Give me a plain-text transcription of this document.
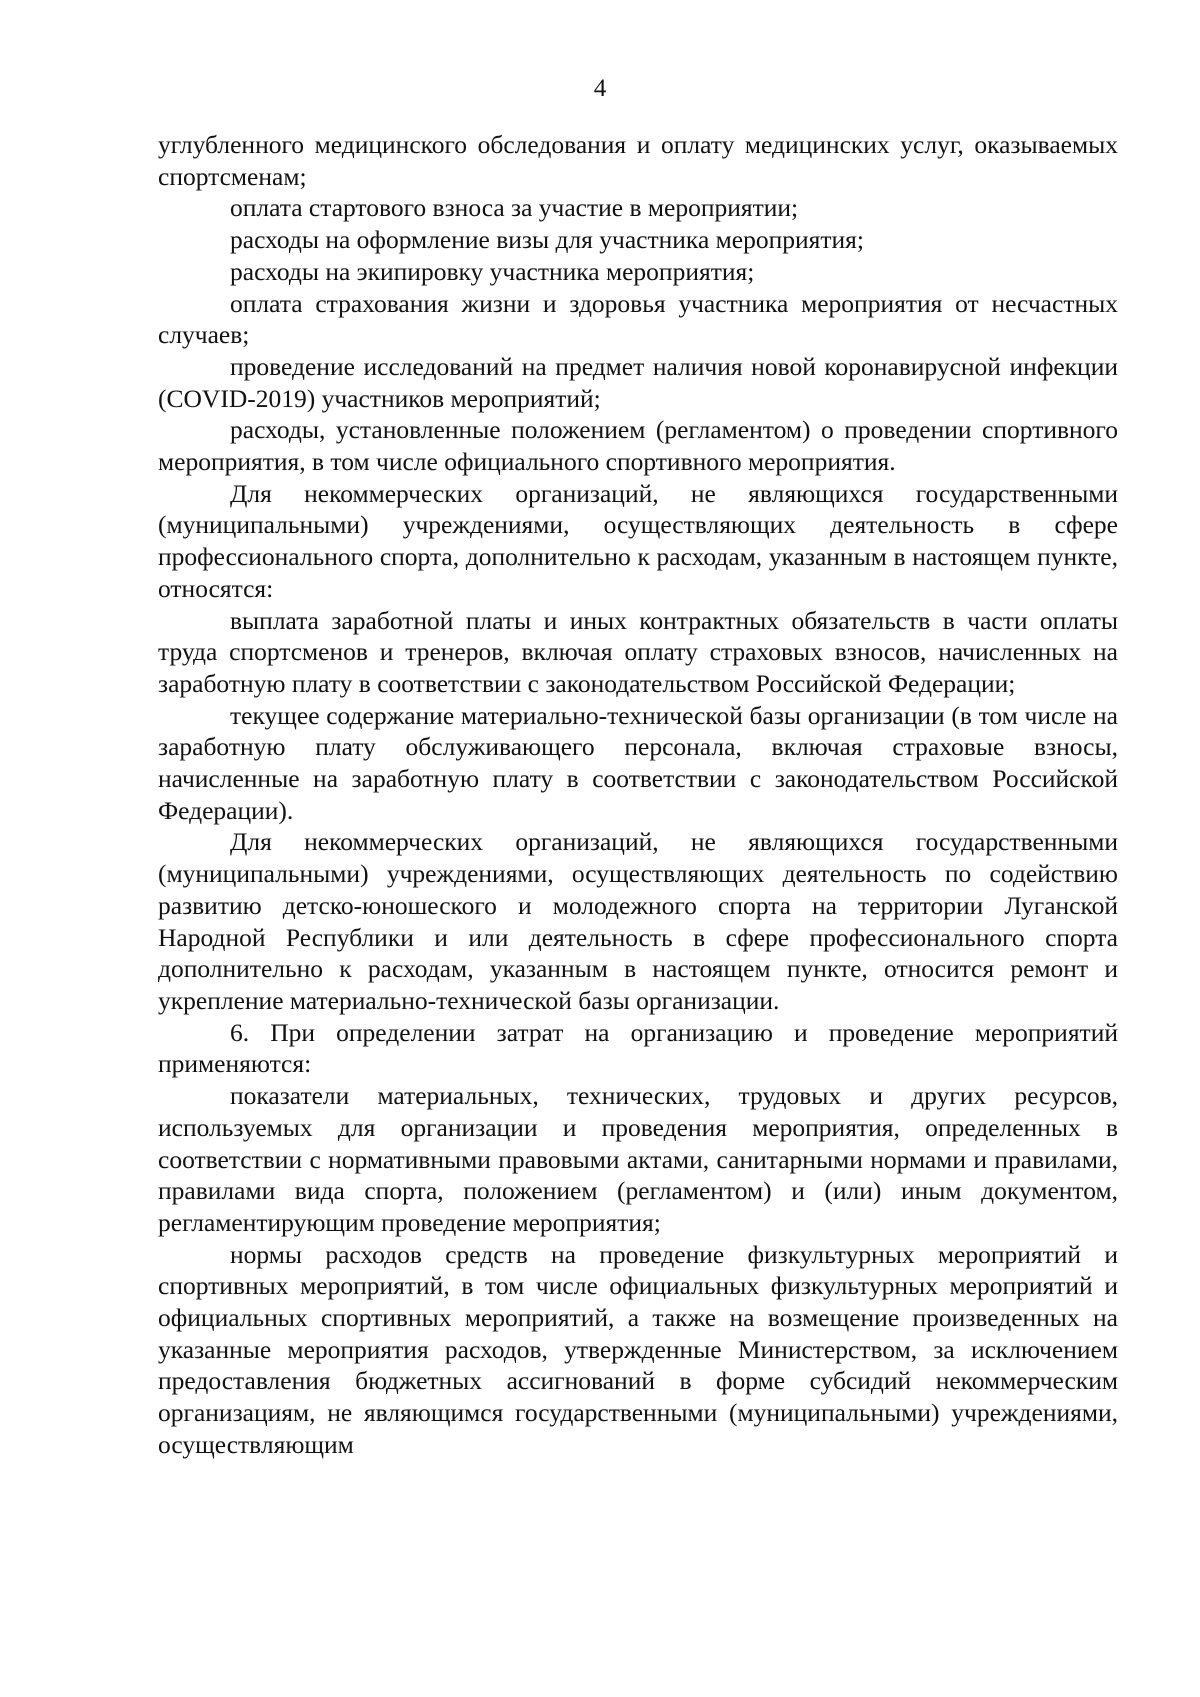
4

углубленного медицинского обследования и оплату медицинских услуг, оказываемых спортсменам;

оплата стартового взноса за участие в мероприятии;

расходы на оформление визы для участника мероприятия;

расходы на экипировку участника мероприятия;

оплата страхования жизни и здоровья участника мероприятия от несчастных случаев;

проведение исследований на предмет наличия новой коронавирусной инфекции (COVID-2019) участников мероприятий;

расходы, установленные положением (регламентом) о проведении спортивного мероприятия, в том числе официального спортивного мероприятия.

Для некоммерческих организаций, не являющихся государственными (муниципальными) учреждениями, осуществляющих деятельность в сфере профессионального спорта, дополнительно к расходам, указанным в настоящем пункте, относятся:

выплата заработной платы и иных контрактных обязательств в части оплаты труда спортсменов и тренеров, включая оплату страховых взносов, начисленных на заработную плату в соответствии с законодательством Российской Федерации;

текущее содержание материально-технической базы организации (в том числе на заработную плату обслуживающего персонала, включая страховые взносы, начисленные на заработную плату в соответствии с законодательством Российской Федерации).

Для некоммерческих организаций, не являющихся государственными (муниципальными) учреждениями, осуществляющих деятельность по содействию развитию детско-юношеского и молодежного спорта на территории Луганской Народной Республики и или деятельность в сфере профессионального спорта дополнительно к расходам, указанным в настоящем пункте, относится ремонт и укрепление материально-технической базы организации.

6. При определении затрат на организацию и проведение мероприятий применяются:

показатели материальных, технических, трудовых и других ресурсов, используемых для организации и проведения мероприятия, определенных в соответствии с нормативными правовыми актами, санитарными нормами и правилами, правилами вида спорта, положением (регламентом) и (или) иным документом, регламентирующим проведение мероприятия;

нормы расходов средств на проведение физкультурных мероприятий и спортивных мероприятий, в том числе официальных физкультурных мероприятий и официальных спортивных мероприятий, а также на возмещение произведенных на указанные мероприятия расходов, утвержденные Министерством, за исключением предоставления бюджетных ассигнований в форме субсидий некоммерческим организациям, не являющимся государственными (муниципальными) учреждениями, осуществляющим
